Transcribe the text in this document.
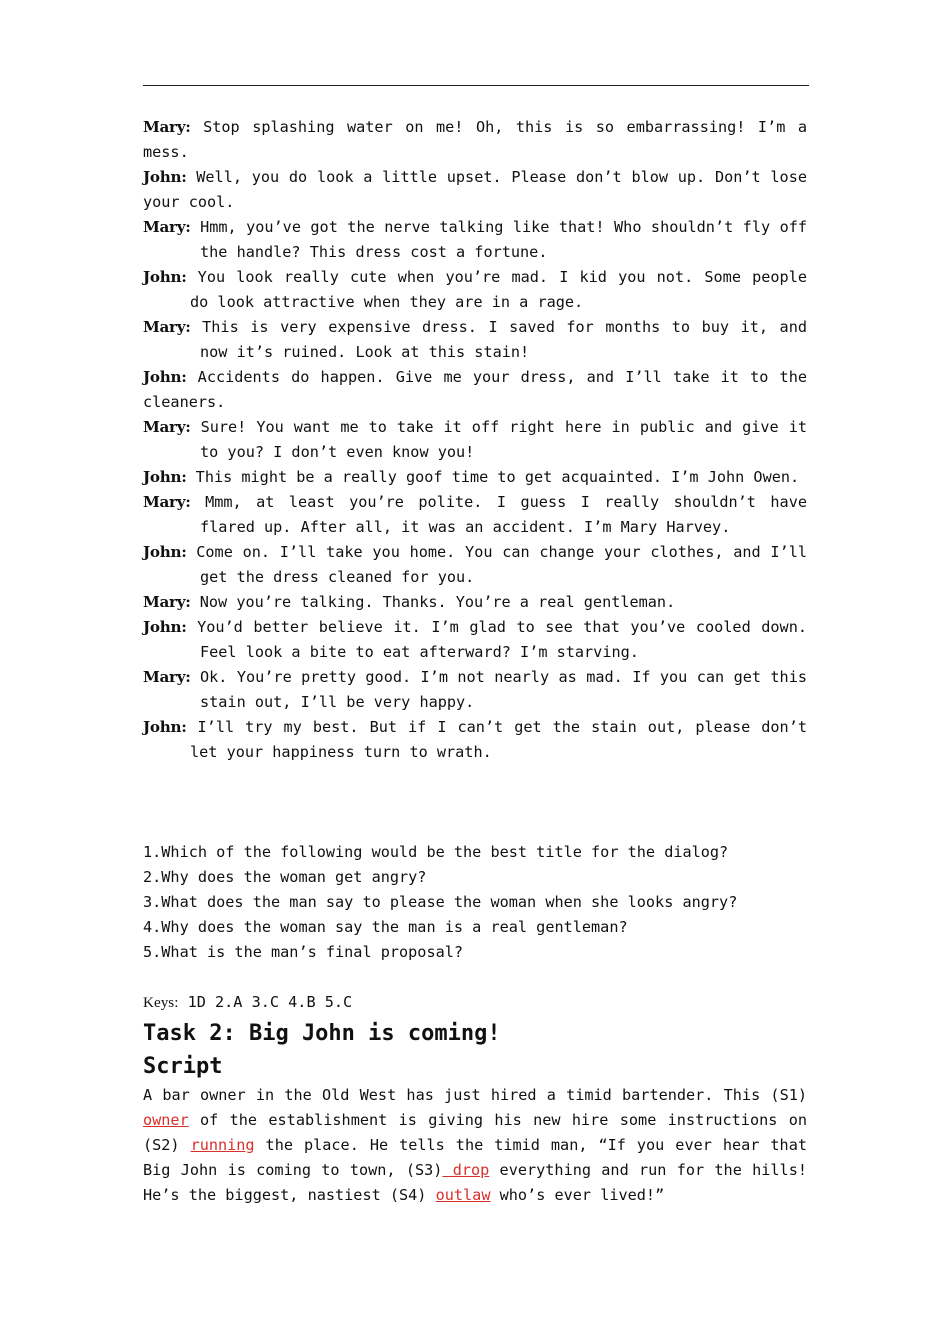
Mary: Stop splashing water on me! Oh, this is so embarrassing! I’m a mess.
John: Well, you do look a little upset. Please don’t blow up. Don’t lose your cool.
Mary: Hmm, you’ve got the nerve talking like that! Who shouldn’t fly off the handle? This dress cost a fortune.
John: You look really cute when you’re mad. I kid you not. Some people do look attractive when they are in a rage.
Mary: This is very expensive dress. I saved for months to buy it, and now it’s ruined. Look at this stain!
John: Accidents do happen. Give me your dress, and I’ll take it to the cleaners.
Mary: Sure! You want me to take it off right here in public and give it to you? I don’t even know you!
John: This might be a really goof time to get acquainted. I’m John Owen.
Mary: Mmm, at least you’re polite. I guess I really shouldn’t have flared up. After all, it was an accident. I’m Mary Harvey.
John: Come on. I’ll take you home. You can change your clothes, and I’ll get the dress cleaned for you.
Mary: Now you’re talking. Thanks. You’re a real gentleman.
John: You’d better believe it. I’m glad to see that you’ve cooled down. Feel look a bite to eat afterward? I’m starving.
Mary: Ok. You’re pretty good. I’m not nearly as mad. If you can get this stain out, I’ll be very happy.
John: I’ll try my best. But if I can’t get the stain out, please don’t let your happiness turn to wrath.
1.Which of the following would be the best title for the dialog?
2.Why does the woman get angry?
3.What does the man say to please the woman when she looks angry?
4.Why does the woman say the man is a real gentleman?
5.What is the man’s final proposal?
Keys: 1D 2.A 3.C 4.B 5.C
Task 2: Big John is coming!
Script
A bar owner in the Old West has just hired a timid bartender. This (S1) owner of the establishment is giving his new hire some instructions on (S2) running the place. He tells the timid man, “If you ever hear that Big John is coming to town, (S3) drop everything and run for the hills! He’s the biggest, nastiest (S4) outlaw who’s ever lived!”
